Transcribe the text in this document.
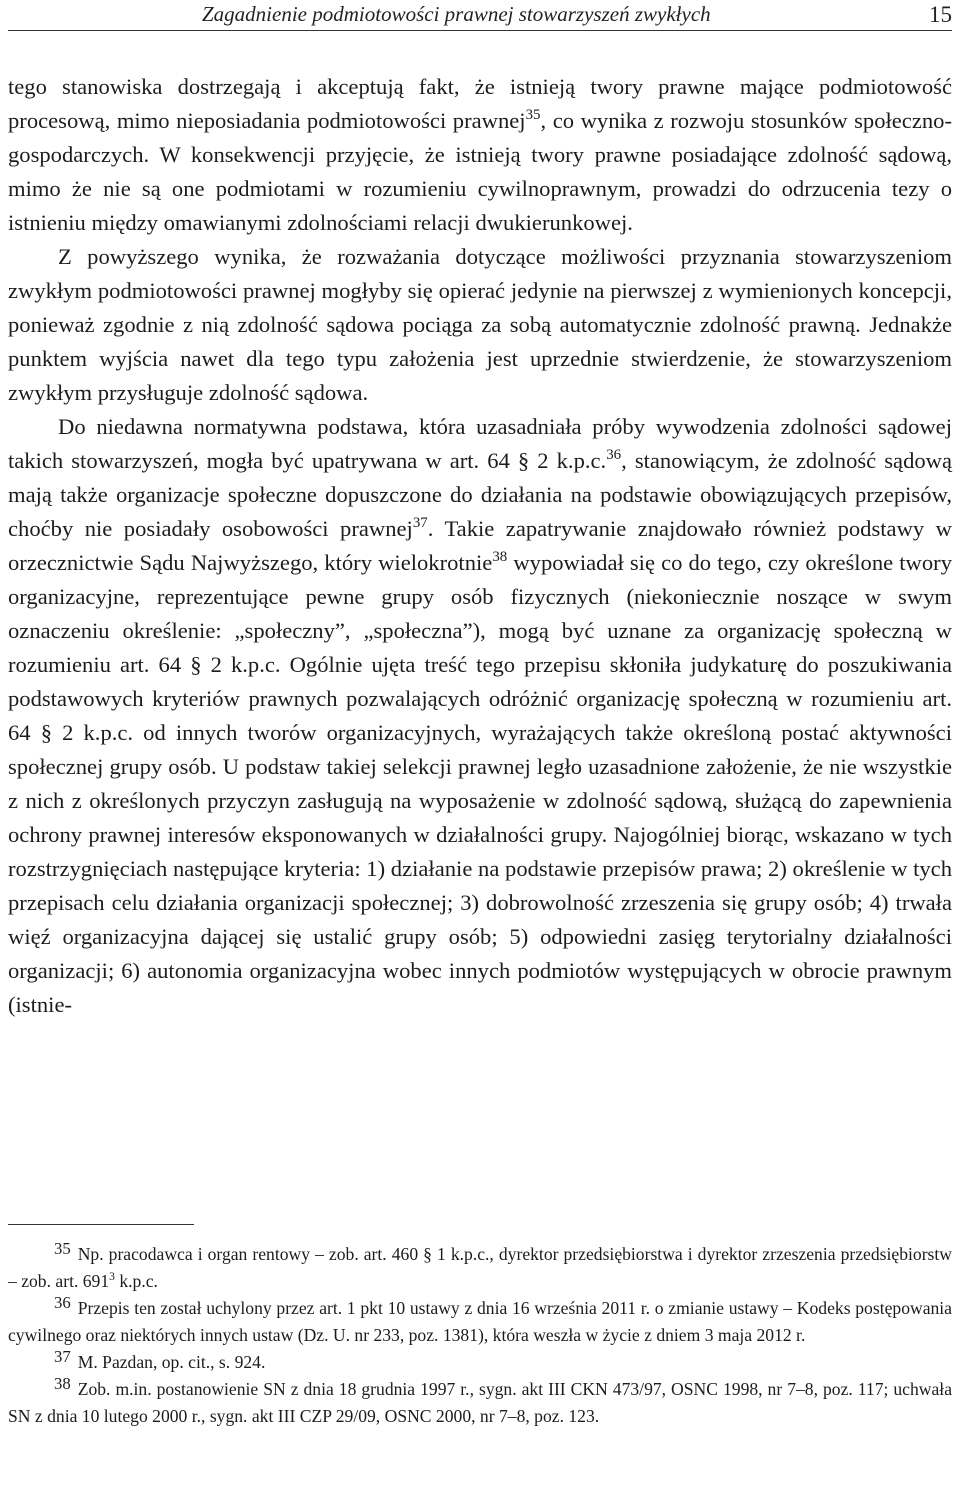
Zagadnienie podmiotowości prawnej stowarzyszeń zwykłych	15

tego stanowiska dostrzegają i akceptują fakt, że istnieją twory prawne mające podmiotowość procesową, mimo nieposiadania podmiotowości prawnej$^{35}$, co wynika z rozwoju stosunków społeczno-gospodarczych. W konsekwencji przyjęcie, że istnieją twory prawne posiadające zdolność sądową, mimo że nie są one podmiotami w rozumieniu cywilnoprawnym, prowadzi do odrzucenia tezy o istnieniu między omawianymi zdolnościami relacji dwukierunkowej.

Z powyższego wynika, że rozważania dotyczące możliwości przyznania stowarzyszeniom zwykłym podmiotowości prawnej mogłyby się opierać jedynie na pierwszej z wymienionych koncepcji, ponieważ zgodnie z nią zdolność sądowa pociąga za sobą automatycznie zdolność prawną. Jednakże punktem wyjścia nawet dla tego typu założenia jest uprzednie stwierdzenie, że stowarzyszeniom zwykłym przysługuje zdolność sądowa.

Do niedawna normatywna podstawa, która uzasadniała próby wywodzenia zdolności sądowej takich stowarzyszeń, mogła być upatrywana w art. 64 § 2 k.p.c.$^{36}$, stanowiącym, że zdolność sądową mają także organizacje społeczne dopuszczone do działania na podstawie obowiązujących przepisów, choćby nie posiadały osobowości prawnej$^{37}$. Takie zapatrywanie znajdowało również podstawy w orzecznictwie Sądu Najwyższego, który wielokrotnie$^{38}$ wypowiadał się co do tego, czy określone twory organizacyjne, reprezentujące pewne grupy osób fizycznych (niekoniecznie noszące w swym oznaczeniu określenie: „społeczny”, „społeczna”), mogą być uznane za organizację społeczną w rozumieniu art. 64 § 2 k.p.c. Ogólnie ujęta treść tego przepisu skłoniła judykaturę do poszukiwania podstawowych kryteriów prawnych pozwalających odróżnić organizację społeczną w rozumieniu art. 64 § 2 k.p.c. od innych tworów organizacyjnych, wyrażających także określoną postać aktywności społecznej grupy osób. U podstaw takiej selekcji prawnej legło uzasadnione założenie, że nie wszystkie z nich z określonych przyczyn zasługują na wyposażenie w zdolność sądową, służącą do zapewnienia ochrony prawnej interesów eksponowanych w działalności grupy. Najogólniej biorąc, wskazano w tych rozstrzygnięciach następujące kryteria: 1) działanie na podstawie przepisów prawa; 2) określenie w tych przepisach celu działania organizacji społecznej; 3) dobrowolność zrzeszenia się grupy osób; 4) trwała więź organizacyjna dającej się ustalić grupy osób; 5) odpowiedni zasięg terytorialny działalności organizacji; 6) autonomia organizacyjna wobec innych podmiotów występujących w obrocie prawnym (istnie-

35 Np. pracodawca i organ rentowy – zob. art. 460 § 1 k.p.c., dyrektor przedsiębiorstwa i dyrektor zrzeszenia przedsiębiorstw – zob. art. 691$^3$ k.p.c.

36 Przepis ten został uchylony przez art. 1 pkt 10 ustawy z dnia 16 września 2011 r. o zmianie ustawy – Kodeks postępowania cywilnego oraz niektórych innych ustaw (Dz. U. nr 233, poz. 1381), która weszła w życie z dniem 3 maja 2012 r.

37 M. Pazdan, op. cit., s. 924.

38 Zob. m.in. postanowienie SN z dnia 18 grudnia 1997 r., sygn. akt III CKN 473/97, OSNC 1998, nr 7–8, poz. 117; uchwała SN z dnia 10 lutego 2000 r., sygn. akt III CZP 29/09, OSNC 2000, nr 7–8, poz. 123.
